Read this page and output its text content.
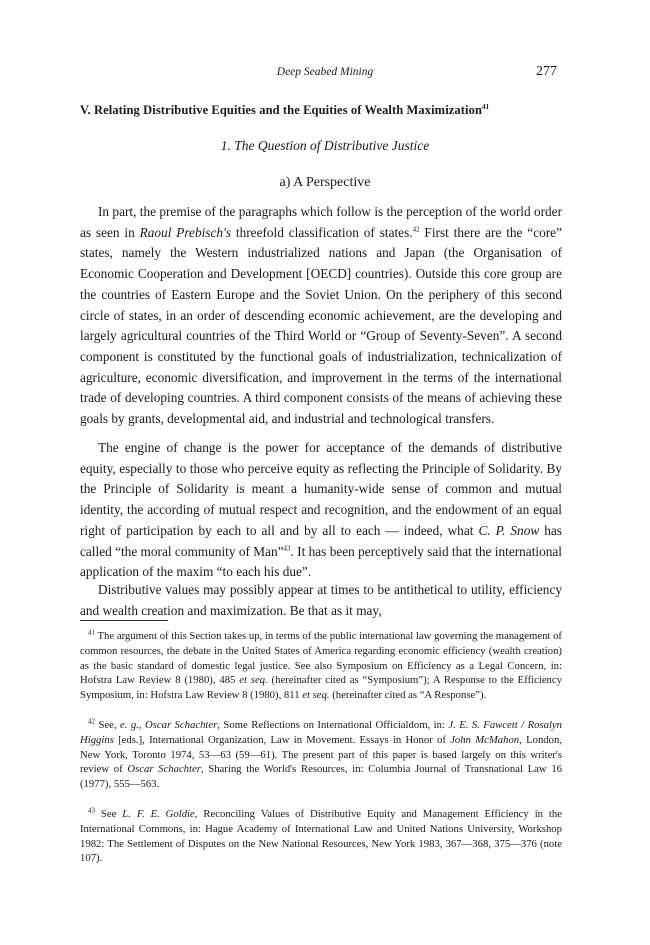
Deep Seabed Mining	277
V. Relating Distributive Equities and the Equities of Wealth Maximization$^{41}$
1. The Question of Distributive Justice
a) A Perspective
In part, the premise of the paragraphs which follow is the perception of the world order as seen in Raoul Prebisch's threefold classification of states.$^{42}$ First there are the “core” states, namely the Western industrialized nations and Japan (the Organisation of Economic Cooperation and Development [OECD] countries). Outside this core group are the countries of Eastern Europe and the Soviet Union. On the periphery of this second circle of states, in an order of descending economic achievement, are the developing and largely agricultural countries of the Third World or “Group of Seventy-Seven”. A second component is constituted by the functional goals of industrialization, technicalization of agriculture, economic diversification, and improvement in the terms of the international trade of developing countries. A third component consists of the means of achieving these goals by grants, developmental aid, and industrial and technological transfers.
The engine of change is the power for acceptance of the demands of distributive equity, especially to those who perceive equity as reflecting the Principle of Solidarity. By the Principle of Solidarity is meant a humanity-wide sense of common and mutual identity, the according of mutual respect and recognition, and the endowment of an equal right of participation by each to all and by all to each — indeed, what C. P. Snow has called “the moral community of Man”$^{43}$. It has been perceptively said that the international application of the maxim “to each his due”.
Distributive values may possibly appear at times to be antithetical to utility, efficiency and wealth creation and maximization. Be that as it may,
$^{41}$ The argument of this Section takes up, in terms of the public international law governing the management of common resources, the debate in the United States of America regarding economic efficiency (wealth creation) as the basic standard of domestic legal justice. See also Symposium on Efficiency as a Legal Concern, in: Hofstra Law Review 8 (1980), 485 et seq. (hereinafter cited as “Symposium”); A Response to the Efficiency Symposium, in: Hofstra Law Review 8 (1980), 811 et seq. (hereinafter cited as “A Response”).
$^{42}$ See, e. g., Oscar Schachter, Some Reflections on International Officialdom, in: J. E. S. Fawcett / Rosalyn Higgins [eds.], International Organization, Law in Movement. Essays in Honor of John McMahon, London, New York, Toronto 1974, 53—63 (59—61). The present part of this paper is based largely on this writer's review of Oscar Schachter, Sharing the World's Resources, in: Columbia Journal of Transnational Law 16 (1977), 555—563.
$^{43}$ See L. F. E. Goldie, Reconciling Values of Distributive Equity and Management Efficiency in the International Commons, in: Hague Academy of International Law and United Nations University, Workshop 1982: The Settlement of Disputes on the New National Resources, New York 1983, 367—368, 375—376 (note 107).
